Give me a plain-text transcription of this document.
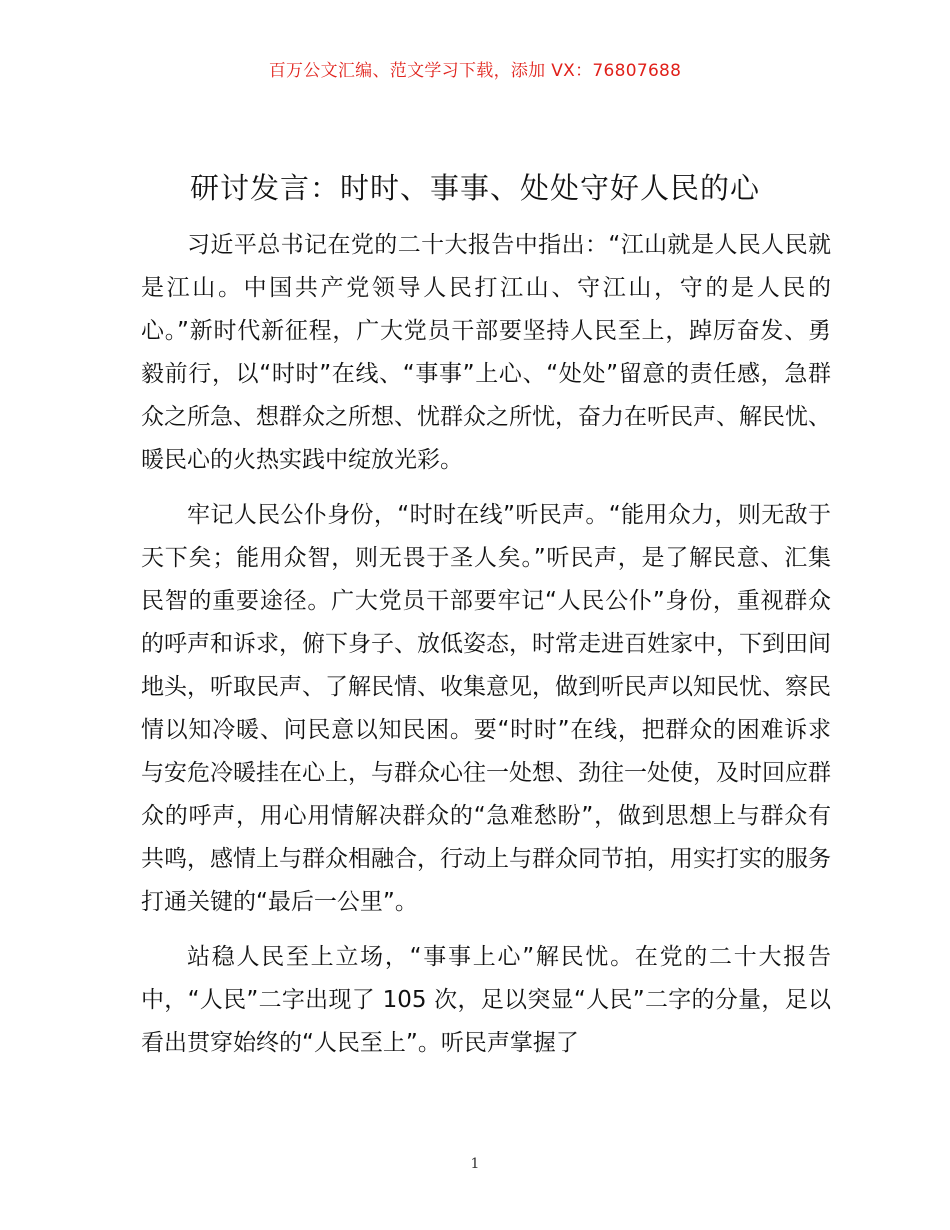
百万公文汇编、范文学习下载，添加 VX：76807688
研讨发言：时时、事事、处处守好人民的心

习近平总书记在党的二十大报告中指出：“江山就是人民人民就是江山。中国共产党领导人民打江山、守江山，守的是人民的心。”新时代新征程，广大党员干部要坚持人民至上，踔厉奋发、勇毅前行，以“时时”在线、“事事”上心、“处处”留意的责任感，急群众之所急、想群众之所想、忧群众之所忧，奋力在听民声、解民忧、暖民心的火热实践中绽放光彩。

牢记人民公仆身份，“时时在线”听民声。“能用众力，则无敌于天下矣；能用众智，则无畏于圣人矣。”听民声，是了解民意、汇集民智的重要途径。广大党员干部要牢记“人民公仆”身份，重视群众的呼声和诉求，俯下身子、放低姿态，时常走进百姓家中，下到田间地头，听取民声、了解民情、收集意见，做到听民声以知民忧、察民情以知冷暖、问民意以知民困。要“时时”在线，把群众的困难诉求与安危冷暖挂在心上，与群众心往一处想、劲往一处使，及时回应群众的呼声，用心用情解决群众的“急难愁盼”，做到思想上与群众有共鸣，感情上与群众相融合，行动上与群众同节拍，用实打实的服务打通关键的“最后一公里”。

站稳人民至上立场，“事事上心”解民忧。在党的二十大报告中，“人民”二字出现了 105 次，足以突显“人民”二字的分量，足以看出贯穿始终的“人民至上”。听民声掌握了

1
